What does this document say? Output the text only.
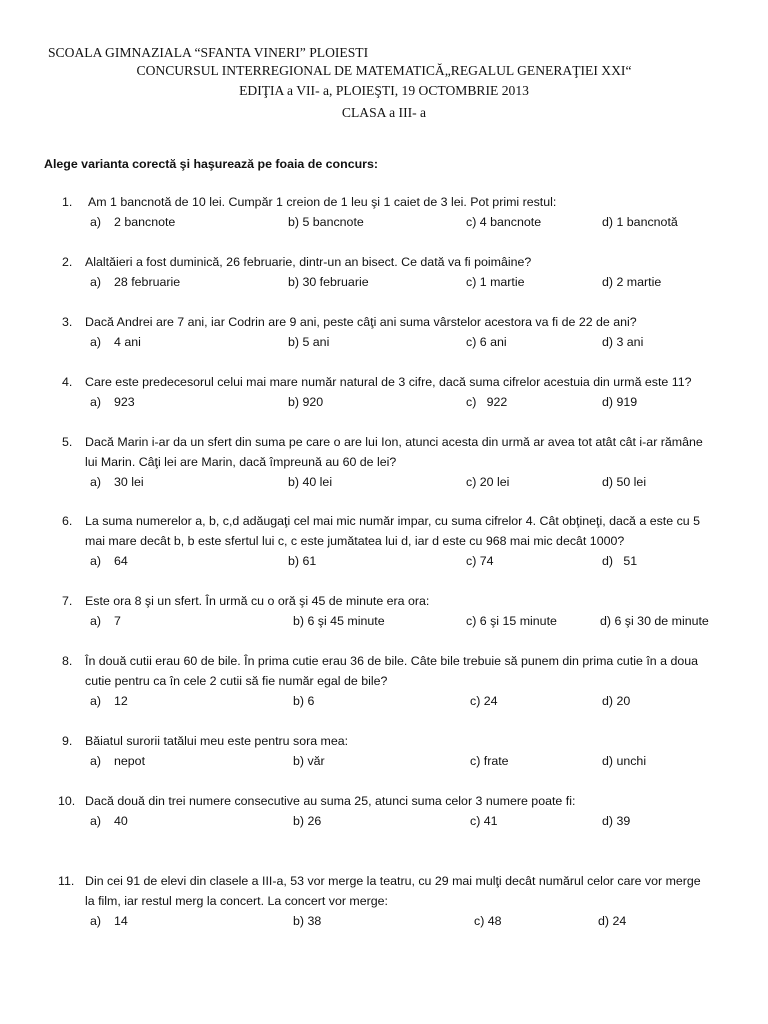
SCOALA GIMNAZIALA “SFANTA VINERI” PLOIESTI
CONCURSUL INTERREGIONAL DE MATEMATICĂ„REGALUL GENERAŢIEI XXI“
EDIŢIA a VII- a, PLOIEŞTI, 19 OCTOMBRIE 2013
CLASA a III- a
Alege varianta corectă şi haşurează pe foaia de concurs:
1. Am 1 bancnotă de 10 lei. Cumpăr 1 creion de 1 leu şi 1 caiet de 3 lei. Pot primi restul:
a) 2 bancnote	b) 5 bancnote	c) 4 bancnote	d) 1 bancnotă
2. Alaltăieri a fost duminică, 26 februarie, dintr-un an bisect. Ce dată va fi poimâine?
a) 28 februarie	b) 30 februarie	c) 1 martie	d) 2 martie
3. Dacă Andrei are 7 ani, iar Codrin are 9 ani, peste câţi ani suma vârstelor acestora va fi de 22 de ani?
a) 4 ani	b) 5 ani	c) 6 ani	d) 3 ani
4. Care este predecesorul celui mai mare număr natural de 3 cifre, dacă suma cifrelor acestuia din urmă este 11?
a) 923	b) 920	c)   922	d) 919
5. Dacă Marin i-ar da un sfert din suma pe care o are lui Ion, atunci acesta din urmă ar avea tot atât cât i-ar rămâne
lui Marin. Câţi lei are Marin, dacă împreună au 60 de lei?
a) 30 lei	b) 40 lei	c) 20 lei	d) 50 lei
6. La suma numerelor a, b, c,d adăugaţi cel mai mic număr impar, cu suma cifrelor 4. Cât obţineţi, dacă a este cu 5
mai mare decât b, b este sfertul lui c, c este jumătatea lui d, iar d este cu 968 mai mic decât 1000?
a) 64	b) 61	c) 74	d)   51
7. Este ora 8 şi un sfert. În urmă cu o oră şi 45 de minute era ora:
a) 7	b) 6 şi 45 minute	c) 6 şi 15 minute	d) 6 şi 30 de minute
8. În două cutii erau 60 de bile. În prima cutie erau 36 de bile. Câte bile trebuie să punem din prima cutie în a doua
cutie pentru ca în cele 2 cutii să fie număr egal de bile?
a) 12	b) 6	c) 24	d) 20
9. Băiatul surorii tatălui meu este pentru sora mea:
a) nepot	b) văr	c) frate	d) unchi
10. Dacă două din trei numere consecutive au suma 25, atunci suma celor 3 numere poate fi:
a) 40	b) 26	c) 41	d) 39
11. Din cei 91 de elevi din clasele a III-a, 53 vor merge la teatru, cu 29 mai mulţi decât numărul celor care vor merge
la film, iar restul merg la concert. La concert vor merge:
a) 14	b) 38	c) 48	d) 24
